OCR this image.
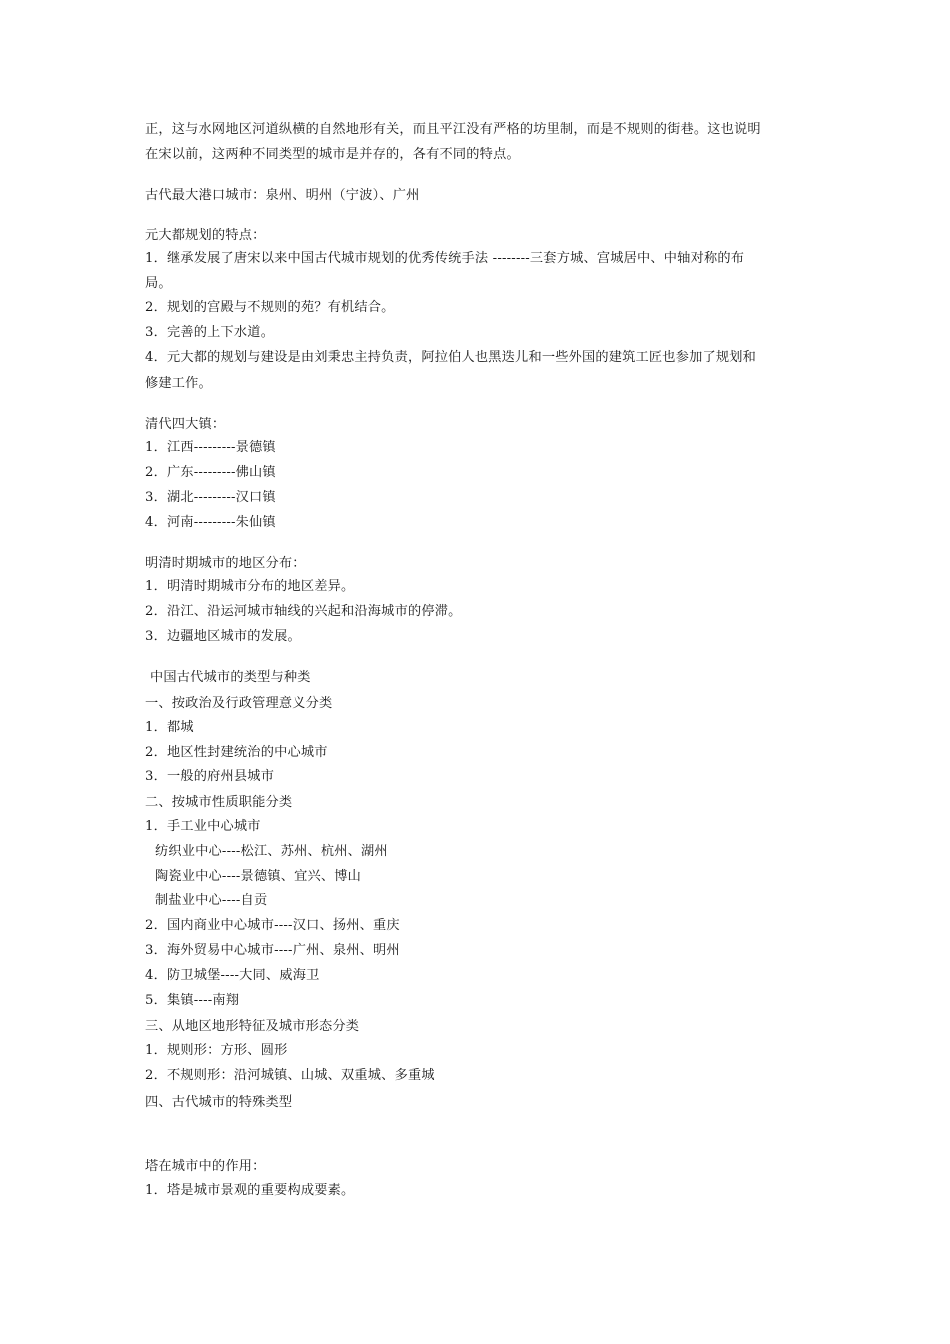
正，这与水网地区河道纵横的自然地形有关，而且平江没有严格的坊里制，而是不规则的街巷。这也说明
在宋以前，这两种不同类型的城市是并存的，各有不同的特点。
古代最大港口城市：泉州、明州（宁波）、广州
元大都规划的特点：
1．继承发展了唐宋以来中国古代城市规划的优秀传统手法 --------三套方城、宫城居中、中轴对称的布
局。
2．规划的宫殿与不规则的苑？有机结合。
3．完善的上下水道。
4．元大都的规划与建设是由刘秉忠主持负责，阿拉伯人也黑迭儿和一些外国的建筑工匠也参加了规划和
修建工作。
清代四大镇：
1．江西---------景德镇
2．广东---------佛山镇
3．湖北---------汉口镇
4．河南---------朱仙镇
明清时期城市的地区分布：
1．明清时期城市分布的地区差异。
2．沿江、沿运河城市轴线的兴起和沿海城市的停滞。
3．边疆地区城市的发展。
中国古代城市的类型与种类
一、按政治及行政管理意义分类
1．都城
2．地区性封建统治的中心城市
3．一般的府州县城市
二、按城市性质职能分类
1．手工业中心城市
纺织业中心----松江、苏州、杭州、湖州
陶瓷业中心----景德镇、宜兴、博山
制盐业中心----自贡
2．国内商业中心城市----汉口、扬州、重庆
3．海外贸易中心城市----广州、泉州、明州
4．防卫城堡----大同、威海卫
5．集镇----南翔
三、从地区地形特征及城市形态分类
1．规则形：方形、圆形
2．不规则形：沿河城镇、山城、双重城、多重城
四、古代城市的特殊类型
塔在城市中的作用：
1．塔是城市景观的重要构成要素。
